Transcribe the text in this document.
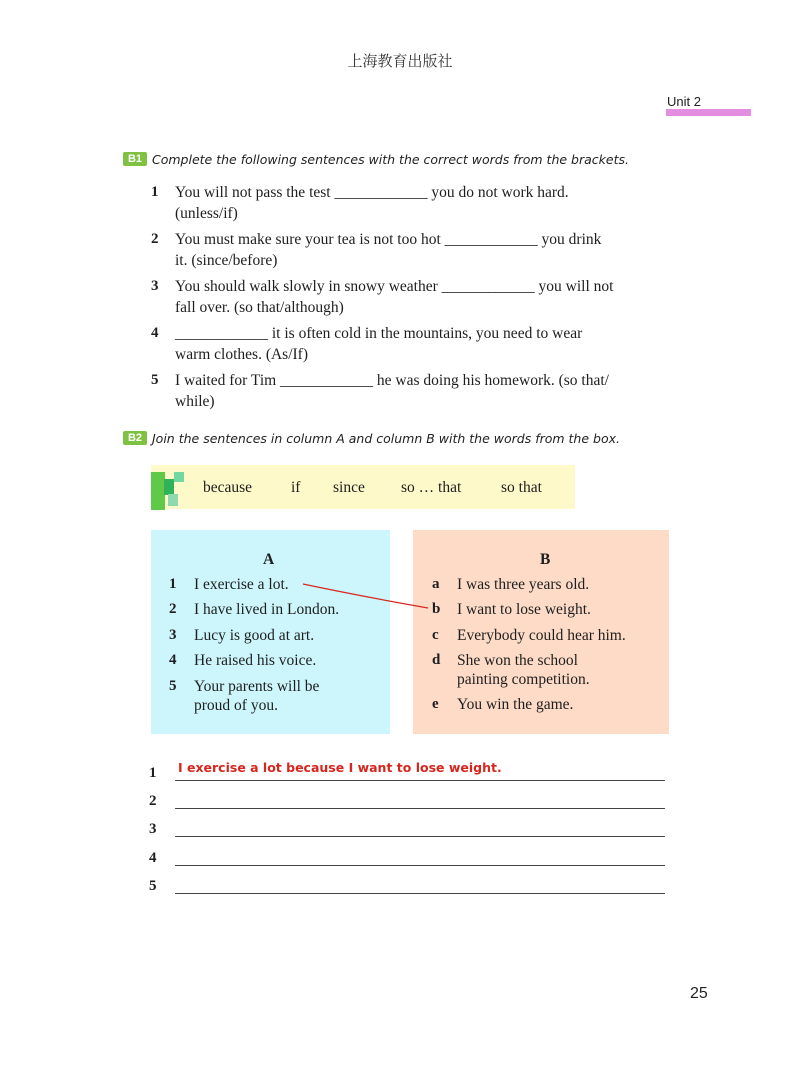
上海教育出版社
Unit 2
B1 Complete the following sentences with the correct words from the brackets.
1	You will not pass the test ____________ you do not work hard.
(unless/if)
2	You must make sure your tea is not too hot ____________ you drink
it. (since/before)
3	You should walk slowly in snowy weather ____________ you will not
fall over. (so that/although)
4	____________ it is often cold in the mountains, you need to wear
warm clothes. (As/If)
5	I waited for Tim ____________ he was doing his homework. (so that/
while)
B2 Join the sentences in column A and column B with the words from the box.
because	if since so … that	so that
A
1 I exercise a lot.
2 I have lived in London.
3 Lucy is good at art.
4 He raised his voice.
5 Your parents will be
proud of you.
B
a I was three years old.
b I want to lose weight.
c Everybody could hear him.
d She won the school
painting competition.
e You win the game.
1 I exercise a lot because I want to lose weight.
2
3
4
5
25
